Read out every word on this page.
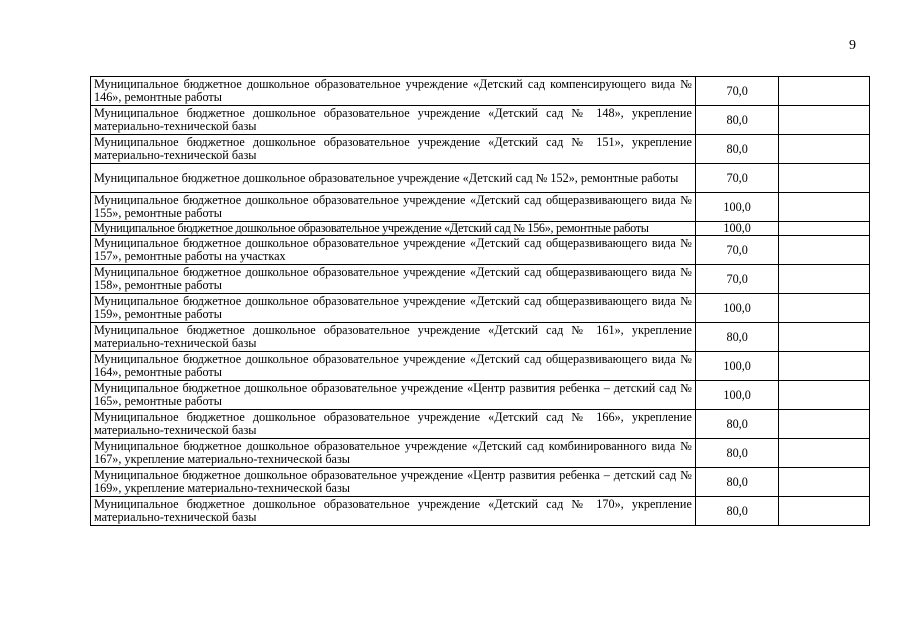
9
Муниципальное бюджетное дошкольное образовательное учреждение «Детский сад компенсирующего вида № 146», ремонтные работы	70,0	
Муниципальное бюджетное дошкольное образовательное учреждение «Детский сад № 148», укрепление материально-технической базы	80,0	
Муниципальное бюджетное дошкольное образовательное учреждение «Детский сад № 151», укрепление материально-технической базы	80,0	
Муниципальное бюджетное дошкольное образовательное учреждение «Детский сад № 152», ремонтные работы	70,0	
Муниципальное бюджетное дошкольное образовательное учреждение «Детский сад общеразвивающего вида № 155», ремонтные работы	100,0	
Муниципальное бюджетное дошкольное образовательное учреждение «Детский сад № 156», ремонтные работы	100,0	
Муниципальное бюджетное дошкольное образовательное учреждение «Детский сад общеразвивающего вида № 157», ремонтные работы на участках	70,0	
Муниципальное бюджетное дошкольное образовательное учреждение «Детский сад общеразвивающего вида № 158», ремонтные работы	70,0	
Муниципальное бюджетное дошкольное образовательное учреждение «Детский сад общеразвивающего вида № 159», ремонтные работы	100,0	
Муниципальное бюджетное дошкольное образовательное учреждение «Детский сад № 161», укрепление материально-технической базы	80,0	
Муниципальное бюджетное дошкольное образовательное учреждение «Детский сад общеразвивающего вида № 164», ремонтные работы	100,0	
Муниципальное бюджетное дошкольное образовательное учреждение «Центр развития ребенка – детский сад № 165», ремонтные работы	100,0	
Муниципальное бюджетное дошкольное образовательное учреждение «Детский сад № 166», укрепление материально-технической базы	80,0	
Муниципальное бюджетное дошкольное образовательное учреждение «Детский сад комбинированного вида № 167», укрепление материально-технической базы	80,0	
Муниципальное бюджетное дошкольное образовательное учреждение «Центр развития ребенка – детский сад № 169», укрепление материально-технической базы	80,0	
Муниципальное бюджетное дошкольное образовательное учреждение «Детский сад № 170», укрепление материально-технической базы	80,0	
